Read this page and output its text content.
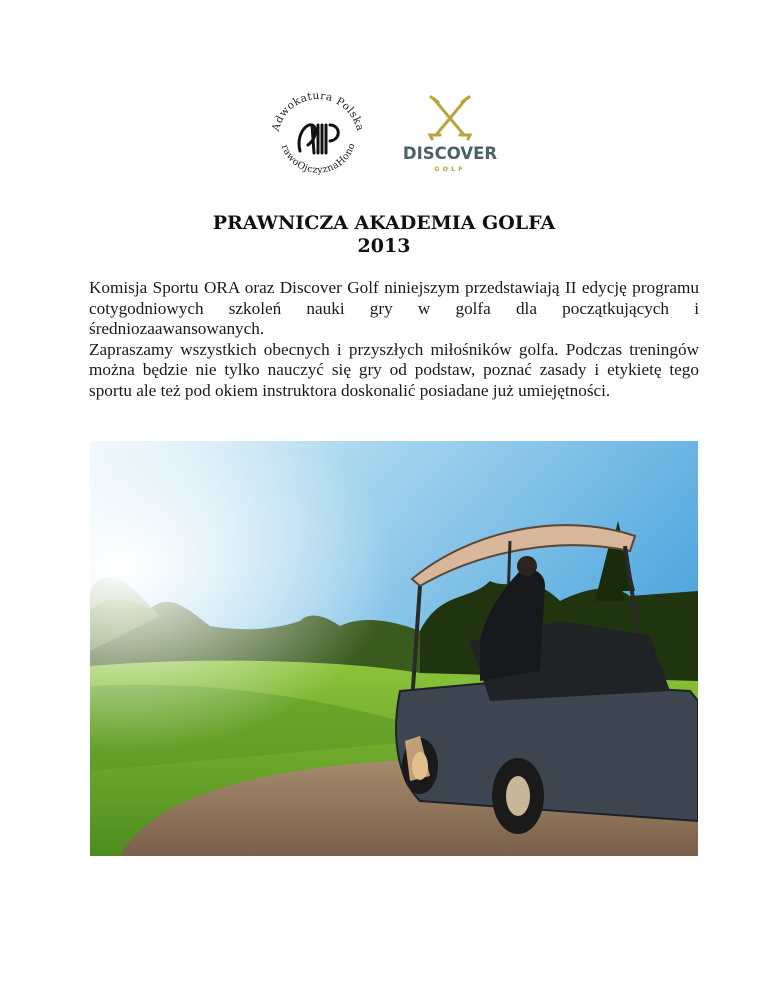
Adwokatura Polska
rawoOjczyznaHono	DISCOVER
GOLF
PRAWNICZA AKADEMIA GOLFA
2013

Komisja Sportu ORA oraz Discover Golf niniejszym przedstawiają II edycję programu cotygodniowych szkoleń nauki gry w golfa dla początkujących i średniozaawansowanych.

Zapraszamy wszystkich obecnych i przyszłych miłośników golfa. Podczas treningów można będzie nie tylko nauczyć się gry od podstaw, poznać zasady i etykietę tego sportu ale też pod okiem instruktora doskonalić posiadane już umiejętności.
